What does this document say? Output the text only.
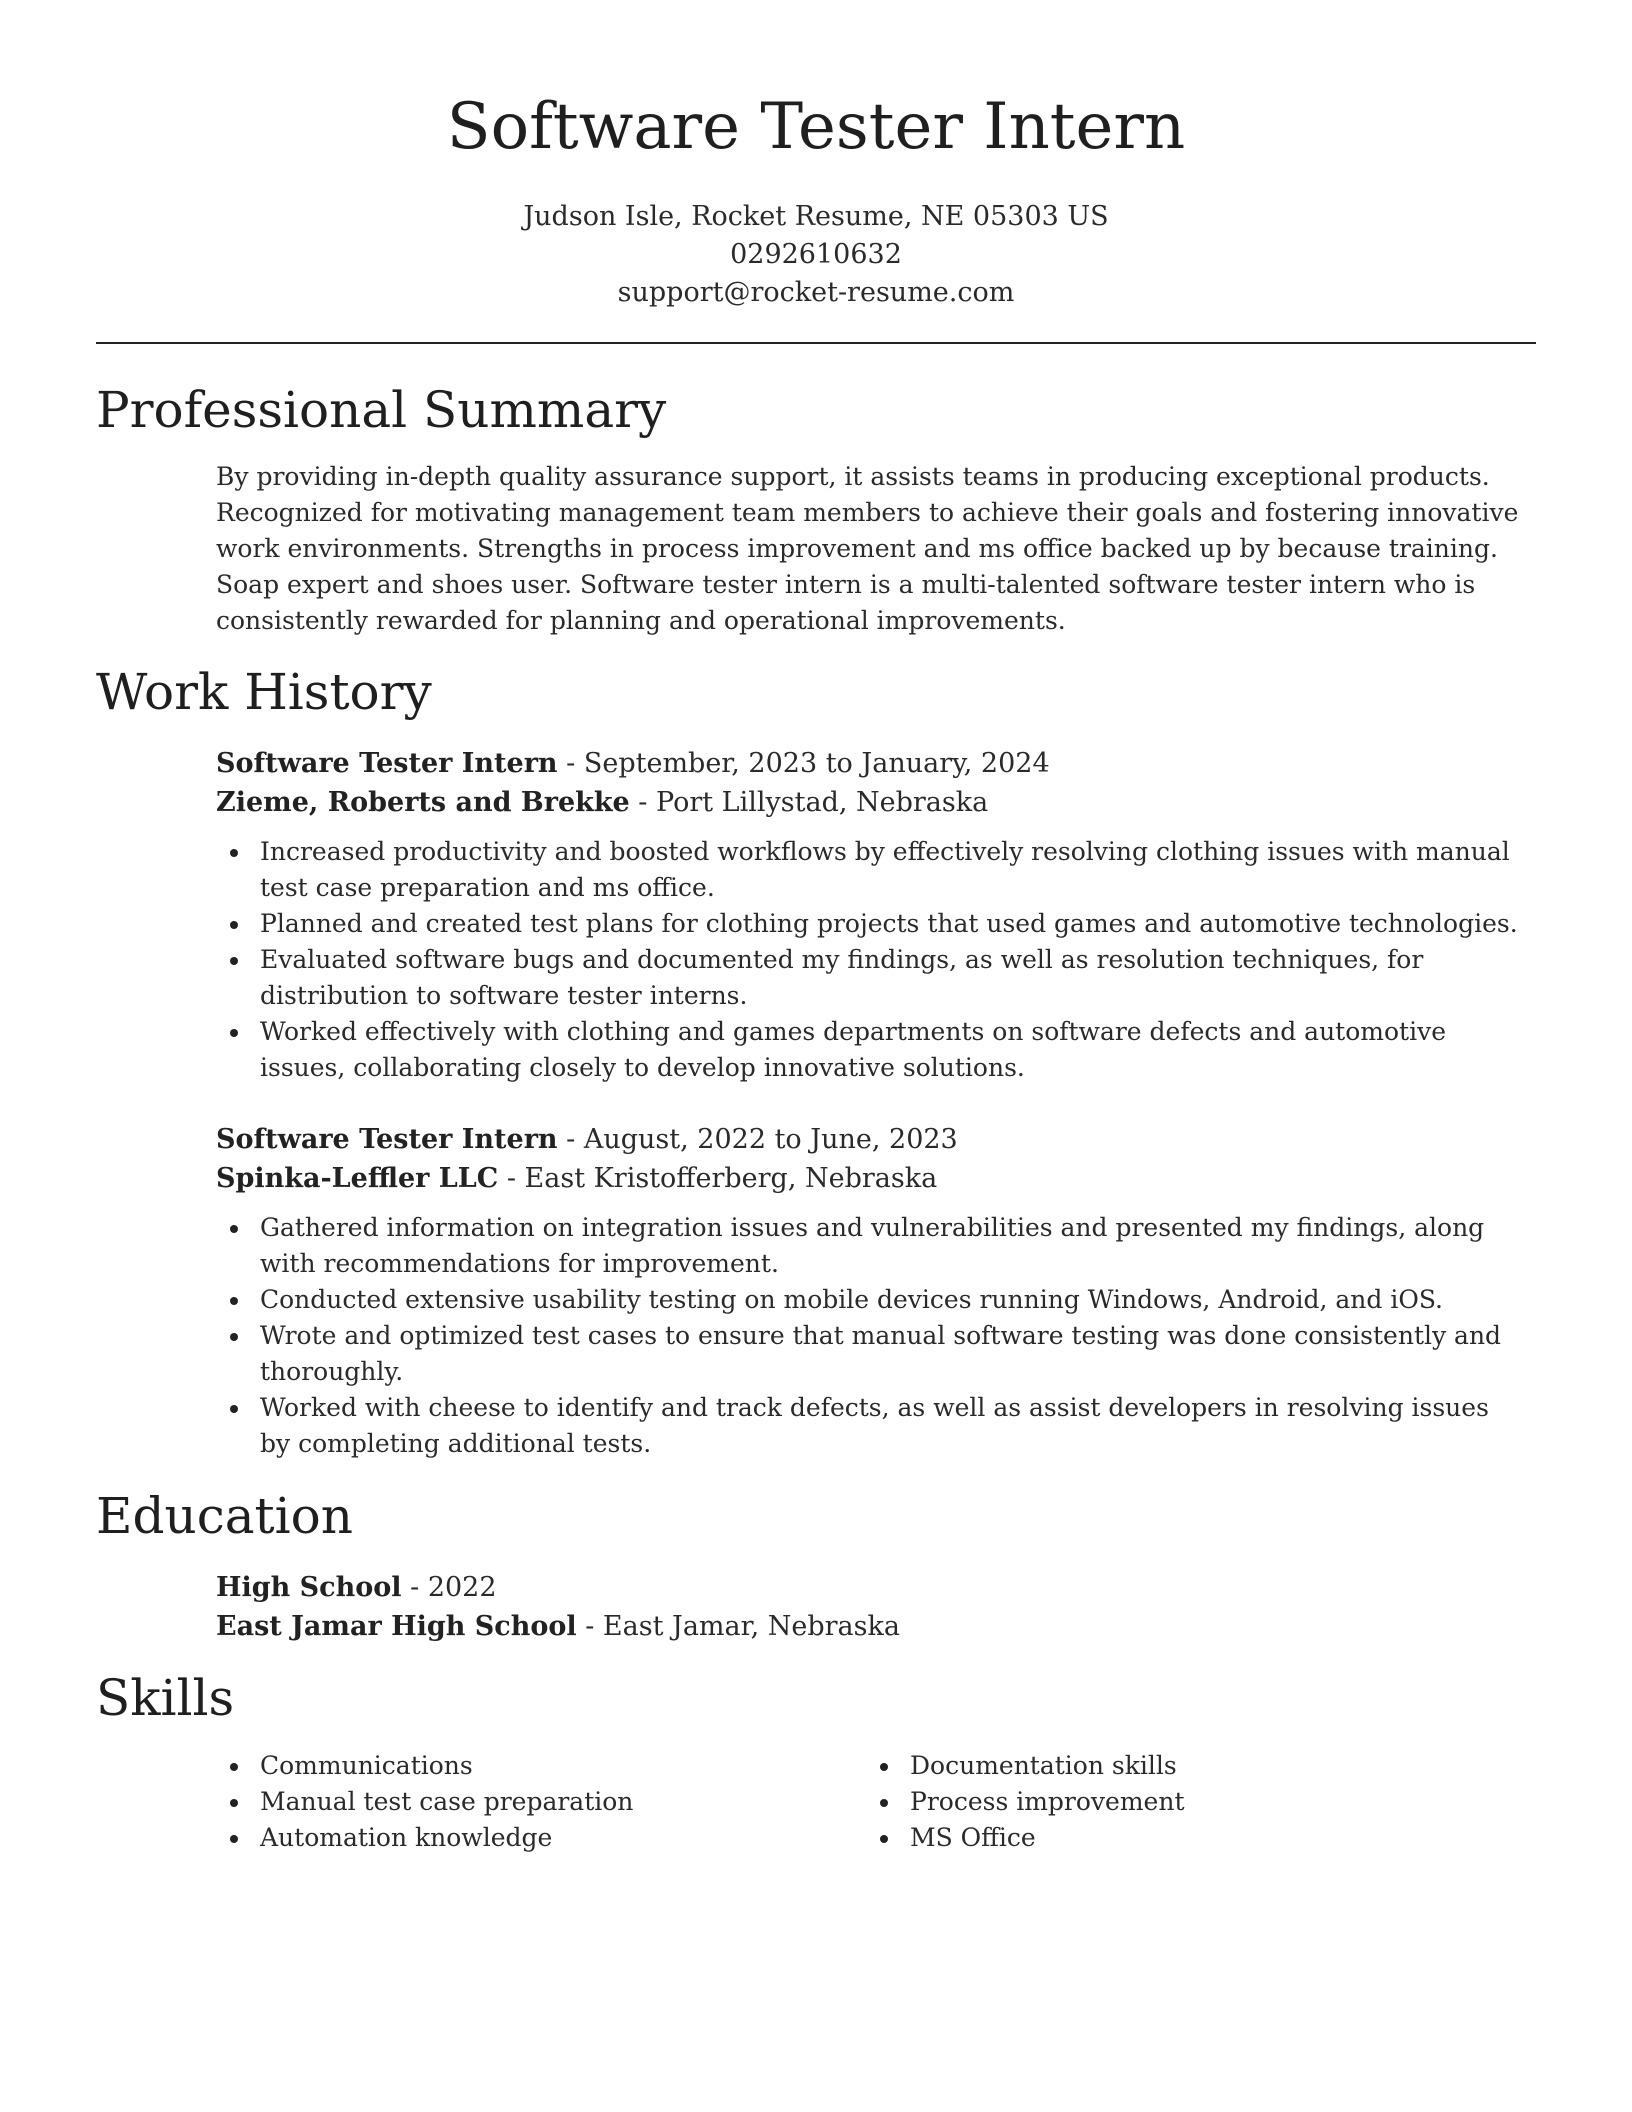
Software Tester Intern
Judson Isle, Rocket Resume, NE 05303 US
0292610632
support@rocket-resume.com
Professional Summary

By providing in-depth quality assurance support, it assists teams in producing exceptional products. Recognized for motivating management team members to achieve their goals and fostering innovative work environments. Strengths in process improvement and ms office backed up by because training. Soap expert and shoes user. Software tester intern is a multi-talented software tester intern who is consistently rewarded for planning and operational improvements.

Work History

Software Tester Intern - September, 2023 to January, 2024

Zieme, Roberts and Brekke - Port Lillystad, Nebraska

Increased productivity and boosted workflows by effectively resolving clothing issues with manual test case preparation and ms office.
Planned and created test plans for clothing projects that used games and automotive technologies.
Evaluated software bugs and documented my findings, as well as resolution techniques, for distribution to software tester interns.
Worked effectively with clothing and games departments on software defects and automotive issues, collaborating closely to develop innovative solutions.

Software Tester Intern - August, 2022 to June, 2023

Spinka-Leffler LLC - East Kristofferberg, Nebraska

Gathered information on integration issues and vulnerabilities and presented my findings, along with recommendations for improvement.
Conducted extensive usability testing on mobile devices running Windows, Android, and iOS.
Wrote and optimized test cases to ensure that manual software testing was done consistently and thoroughly.
Worked with cheese to identify and track defects, as well as assist developers in resolving issues by completing additional tests.
Education

High School - 2022

East Jamar High School - East Jamar, Nebraska

Skills
Communications
Manual test case preparation
Automation knowledge
Documentation skills
Process improvement
MS Office
